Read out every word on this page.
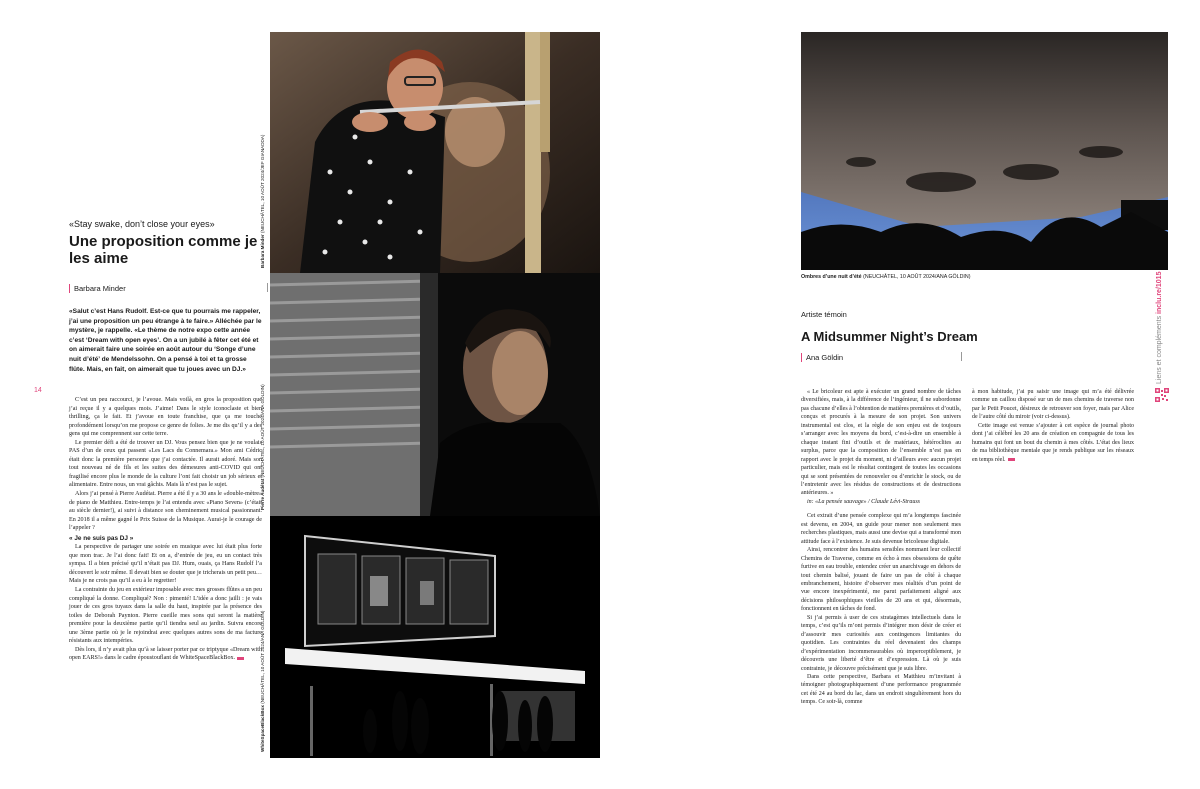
14
«Stay swake, don’t close your eyes»
Une proposition comme je les aime
Barbara Minder
«Salut c’est Hans Rudolf. Est-ce que tu pourrais me rappeler, j’ai une proposition un peu étrange à te faire.» Alléchée par le mystère, je rappelle. «Le thème de notre expo cette année c’est ‘Dream with open eyes’. On a un jubilé à fêter cet été et on aimerait faire une soirée en août autour du ‘Songe d’une nuit d’été’ de Mendelssohn. On a pensé à toi et ta grosse flûte. Mais, en fait, on aimerait que tu joues avec un DJ.»

C’est un peu raccourci, je l’avoue. Mais voilà, en gros la proposition que j’ai reçue il y a quelques mois. J’aime! Dans le style iconoclaste et bien thrilling, ça le fait. Et j’avoue en toute franchise, que ça me touche profondément lorsqu’on me propose ce genre de folies. Je me dis qu’il y a des gens qui me comprennent sur cette terre.

Le premier défi a été de trouver un DJ. Vous pensez bien que je ne voulais PAS d’un de ceux qui passent «Les Lacs du Connemara.» Mon ami Cédric était donc la première personne que j’ai contactée. Il aurait adoré. Mais son tout nouveau né de fils et les suites des démesures anti-COVID qui ont fragilisé encore plus le monde de la culture l’ont fait choisir un job sérieux et alimentaire. Entre nous, un vrai gâchis. Mais là n’est pas le sujet.

Alors j’ai pensé à Pierre Audétat. Pierre a été il y a 30 ans le «double-mètre» de piano de Matthieu. Entre-temps je l’ai entendu avec «Piano Seven» (c’était au siècle dernier!), ai suivi à distance son cheminement musical passionnant. En 2018 il a même gagné le Prix Suisse de la Musique. Aurai-je le courage de l’appeler ?

« Je ne suis pas DJ »

La perspective de partager une soirée en musique avec lui était plus forte que mon trac. Je l’ai donc fait! Et on a, d’entrée de jeu, eu un contact très sympa. Il a bien précisé qu’il n’était pas DJ. Hum, ouais, ça Hans Rudolf l’a découvert le soir même. Il devait bien se douter que je tricherais un petit peu… Mais je ne crois pas qu’il a eu à le regretter!

La contrainte du jeu en extérieur imposable avec mes grosses flûtes a un peu compliqué la donne. Compliqué? Non : pimenté! L’idée a donc jailli : je vais jouer de ces gros tuyaux dans la salle du haut, inspirée par la présence des toiles de Deborah Paynton. Pierre cueille mes sons qui seront la matière première pour la deuxième partie qu’il tiendra seul au jardin. Suivra encore une 3ème partie où je le rejoindrai avec quelques autres sons de ma facture résistants aux intempéries.

Dès lors, il n’y avait plus qu’à se laisser porter par ce triptyque «Dream with open EARS!» dans le cadre époustouflant de WhiteSpaceBlackBox.

Barbara Minder (NEUCHÂTEL, 10 AOÛT 2024/JEF GIANADDA)
Pierre Audétat (NEUCHÂTEL, 10 AOÛT 2024/ANA GÖLDIN)
WhiteSpaceBlackBox (NEUCHÂTEL, 10 AOÛT 2024/ANA GÖLDIN)
Ombres d’une nuit d’été (NEUCHÂTEL, 10 AOÛT 2024/ANA GÖLDIN)
Artiste témoin
A Midsummer Night’s Dream
Ana Göldin

« Le bricoleur est apte à exécuter un grand nombre de tâches diversifiées, mais, à la différence de l’ingénieur, il ne subordonne pas chacune d’elles à l’obtention de matières premières et d’outils, conçus et procurés à la mesure de son projet. Son univers instrumental est clos, et la règle de son enjeu est de toujours s’arranger avec les moyens du bord, c’est-à-dire un ensemble à chaque instant fini d’outils et de matériaux, hétéroclites au surplus, parce que la composition de l’ensemble n’est pas en rapport avec le projet du moment, ni d’ailleurs avec aucun projet particulier, mais est le résultat contingent de toutes les occasions qui se sont présentées de renouveler ou d’enrichir le stock, ou de l’entretenir avec les résidus de constructions et de destructions antérieures. »

in: «La pensée sauvage» / Claude Lévi-Strauss

Cet extrait d’une pensée complexe qui m’a longtemps fascinée est devenu, en 2004, un guide pour mener non seulement mes recherches plastiques, mais aussi une devise qui a transformé mon attitude face à l’existence. Je suis devenue bricoleuse digitale.

Ainsi, rencontrer des humains sensibles nommant leur collectif Chemins de Traverse, comme en écho à mes obsessions de quête furtive en eau trouble, entendez créer un anarchivage en dehors de tout chemin balisé, jouant de faire un pas de côté à chaque embranchement, histoire d’observer mes réalités d’un point de vue encore inexpérimenté, me parut parfaitement aligné aux décisions philosophiques vieilles de 20 ans et qui, désormais, fonctionnent en tâches de fond.

Si j’ai permis à user de ces stratagèmes intellectuels dans le temps, c’est qu’ils m’ont permis d’intégrer mon désir de créer et d’assouvir mes curiosités aux contingences limitantes du quotidien. Les contraintes du réel devenaient des champs d’expérimentation incommensurables où imperceptiblement, je découvris une liberté d’être et d’expression. Là où je suis contrainte, je découvre précisément que je suis libre.

Dans cette perspective, Barbara et Matthieu m’invitant à témoigner photographiquement d’une performance programmée cet été 24 au bord du lac, dans un endroit singulièrement hors du temps. Ce soir-là, comme

à mon habitude, j’ai pu saisir une image qui m’a été délivrée comme un caillou disposé sur un de mes chemins de traverse non par le Petit Poucet, désireux de retrouver son foyer, mais par Alice de l’autre côté du miroir (voir ci-dessus).

Cette image est venue s’ajouter à cet espèce de journal photo dont j’ai célébré les 20 ans de création en compagnie de tous les humains qui font un bout du chemin à mes côtés. L’état des lieux de ma bibliothèque mentale que je rends publique sur les réseaux en temps réel.

Liens et compléments inclu.re/1015
